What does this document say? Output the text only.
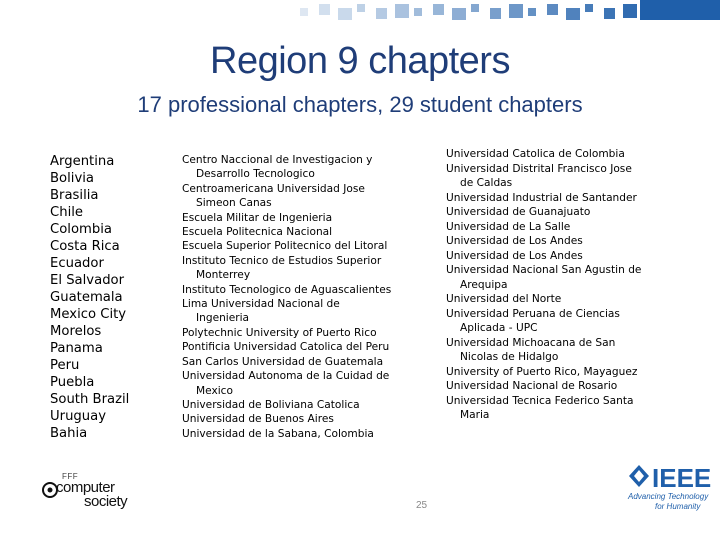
Region 9 chapters
17 professional chapters, 29 student chapters
Argentina
Bolivia
Brasilia
Chile
Colombia
Costa Rica
Ecuador
El Salvador
Guatemala
Mexico City
Morelos
Panama
Peru
Puebla
South Brazil
Uruguay
Bahia
Centro Naccional de Investigacion y
Desarrollo Tecnologico
Centroamericana Universidad Jose
Simeon Canas
Escuela Militar de Ingenieria
Escuela Politecnica Nacional
Escuela Superior Politecnico del Litoral
Instituto Tecnico de Estudios Superior
Monterrey
Instituto Tecnologico de Aguascalientes
Lima Universidad Nacional de
Ingenieria
Polytechnic University of Puerto Rico
Pontificia Universidad Catolica del Peru
San Carlos Universidad de Guatemala
Universidad Autonoma de la Cuidad de
Mexico
Universidad de Boliviana Catolica
Universidad de Buenos Aires
Universidad de la Sabana, Colombia
Universidad Catolica de Colombia
Universidad Distrital Francisco Jose
de Caldas
Universidad Industrial de Santander
Universidad de Guanajuato
Universidad de La Salle
Universidad de Los Andes
Universidad de Los Andes
Universidad Nacional San Agustin de
Arequipa
Universidad del Norte
Universidad Peruana de Ciencias
Aplicada - UPC
Universidad Michoacana de San
Nicolas de Hidalgo
University of Puerto Rico, Mayaguez
Universidad Nacional de Rosario
Universidad Tecnica Federico Santa
Maria
FFF
computer
society	25
IEEE
Advancing Technology
for Humanity
